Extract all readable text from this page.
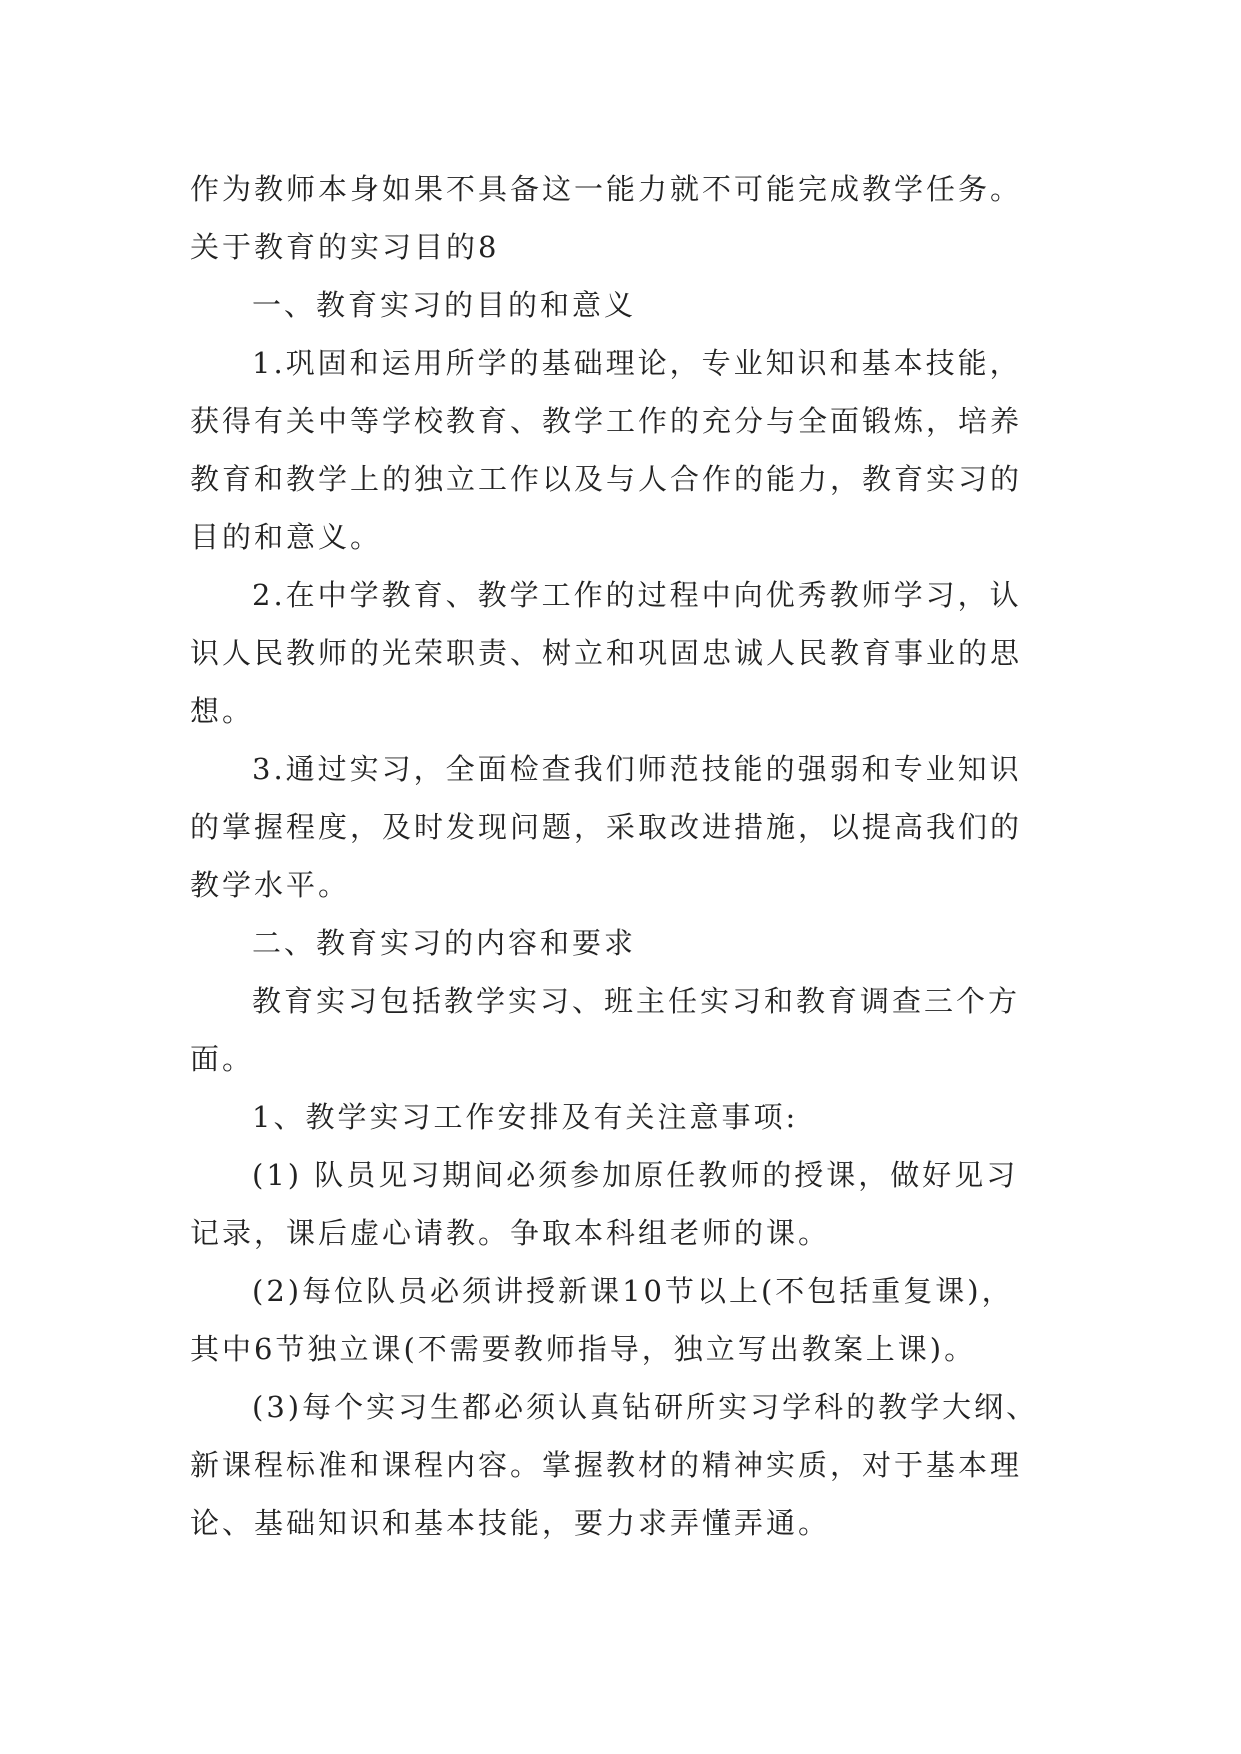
作为教师本身如果不具备这一能力就不可能完成教学任务。
关于教育的实习目的8
一、教育实习的目的和意义
1.巩固和运用所学的基础理论，专业知识和基本技能，
获得有关中等学校教育、教学工作的充分与全面锻炼，培养
教育和教学上的独立工作以及与人合作的能力，教育实习的
目的和意义。
2.在中学教育、教学工作的过程中向优秀教师学习，认
识人民教师的光荣职责、树立和巩固忠诚人民教育事业的思
想。
3.通过实习，全面检查我们师范技能的强弱和专业知识
的掌握程度，及时发现问题，采取改进措施，以提高我们的
教学水平。
二、教育实习的内容和要求
教育实习包括教学实习、班主任实习和教育调查三个方
面。
1、教学实习工作安排及有关注意事项:
(1) 队员见习期间必须参加原任教师的授课，做好见习
记录，课后虚心请教。争取本科组老师的课。
(2)每位队员必须讲授新课10节以上(不包括重复课)，
其中6节独立课(不需要教师指导，独立写出教案上课)。
(3)每个实习生都必须认真钻研所实习学科的教学大纲、
新课程标准和课程内容。掌握教材的精神实质，对于基本理
论、基础知识和基本技能，要力求弄懂弄通。
